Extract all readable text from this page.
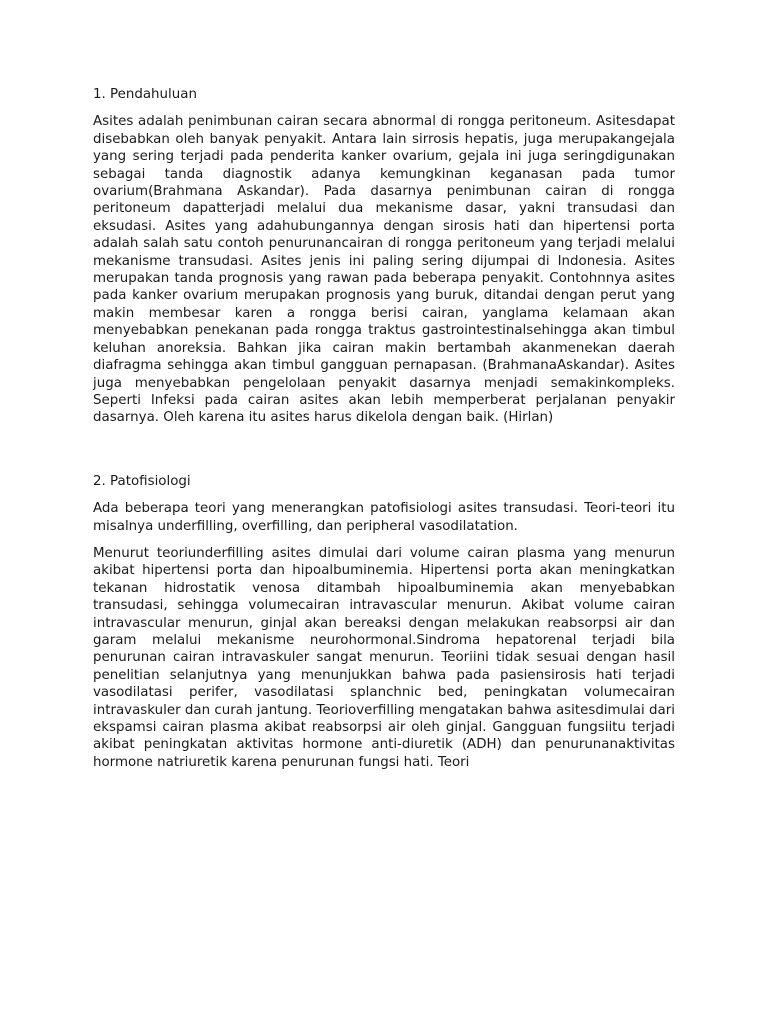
1. Pendahuluan

Asites adalah penimbunan cairan secara abnormal di rongga peritoneum. Asitesdapat disebabkan oleh banyak penyakit. Antara lain sirrosis hepatis, juga merupakangejala yang sering terjadi pada penderita kanker ovarium, gejala ini juga seringdigunakan sebagai tanda diagnostik adanya kemungkinan keganasan pada tumor ovarium(Brahmana Askandar). Pada dasarnya penimbunan cairan di rongga peritoneum dapatterjadi melalui dua mekanisme dasar, yakni transudasi dan eksudasi. Asites yang adahubungannya dengan sirosis hati dan hipertensi porta adalah salah satu contoh penurunancairan di rongga peritoneum yang terjadi melalui mekanisme transudasi. Asites jenis ini paling sering dijumpai di Indonesia. Asites merupakan tanda prognosis yang rawan pada beberapa penyakit. Contohnnya asites pada kanker ovarium merupakan prognosis yang buruk, ditandai dengan perut yang makin membesar karen a rongga berisi cairan, yanglama kelamaan akan menyebabkan penekanan pada rongga traktus gastrointestinalsehingga akan timbul keluhan anoreksia. Bahkan jika cairan makin bertambah akanmenekan daerah diafragma sehingga akan timbul gangguan pernapasan. (BrahmanaAskandar). Asites juga menyebabkan pengelolaan penyakit dasarnya menjadi semakinkompleks. Seperti Infeksi pada cairan asites akan lebih memperberat perjalanan penyakir dasarnya. Oleh karena itu asites harus dikelola dengan baik. (Hirlan)

2. Patofisiologi

Ada beberapa teori yang menerangkan patofisiologi asites transudasi. Teori-teori itu misalnya underfilling, overfilling, dan peripheral vasodilatation.

Menurut teoriunderfilling asites dimulai dari volume cairan plasma yang menurun akibat hipertensi porta dan hipoalbuminemia. Hipertensi porta akan meningkatkan tekanan hidrostatik venosa ditambah hipoalbuminemia akan menyebabkan transudasi, sehingga volumecairan intravascular menurun. Akibat volume cairan intravascular menurun, ginjal akan bereaksi dengan melakukan reabsorpsi air dan garam melalui mekanisme neurohormonal.Sindroma hepatorenal terjadi bila penurunan cairan intravaskuler sangat menurun. Teoriini tidak sesuai dengan hasil penelitian selanjutnya yang menunjukkan bahwa pada pasiensirosis hati terjadi vasodilatasi perifer, vasodilatasi splanchnic bed, peningkatan volumecairan intravaskuler dan curah jantung. Teorioverfilling mengatakan bahwa asitesdimulai dari ekspamsi cairan plasma akibat reabsorpsi air oleh ginjal. Gangguan fungsiitu terjadi akibat peningkatan aktivitas hormone anti-diuretik (ADH) dan penurunanaktivitas hormone natriuretik karena penurunan fungsi hati. Teori
